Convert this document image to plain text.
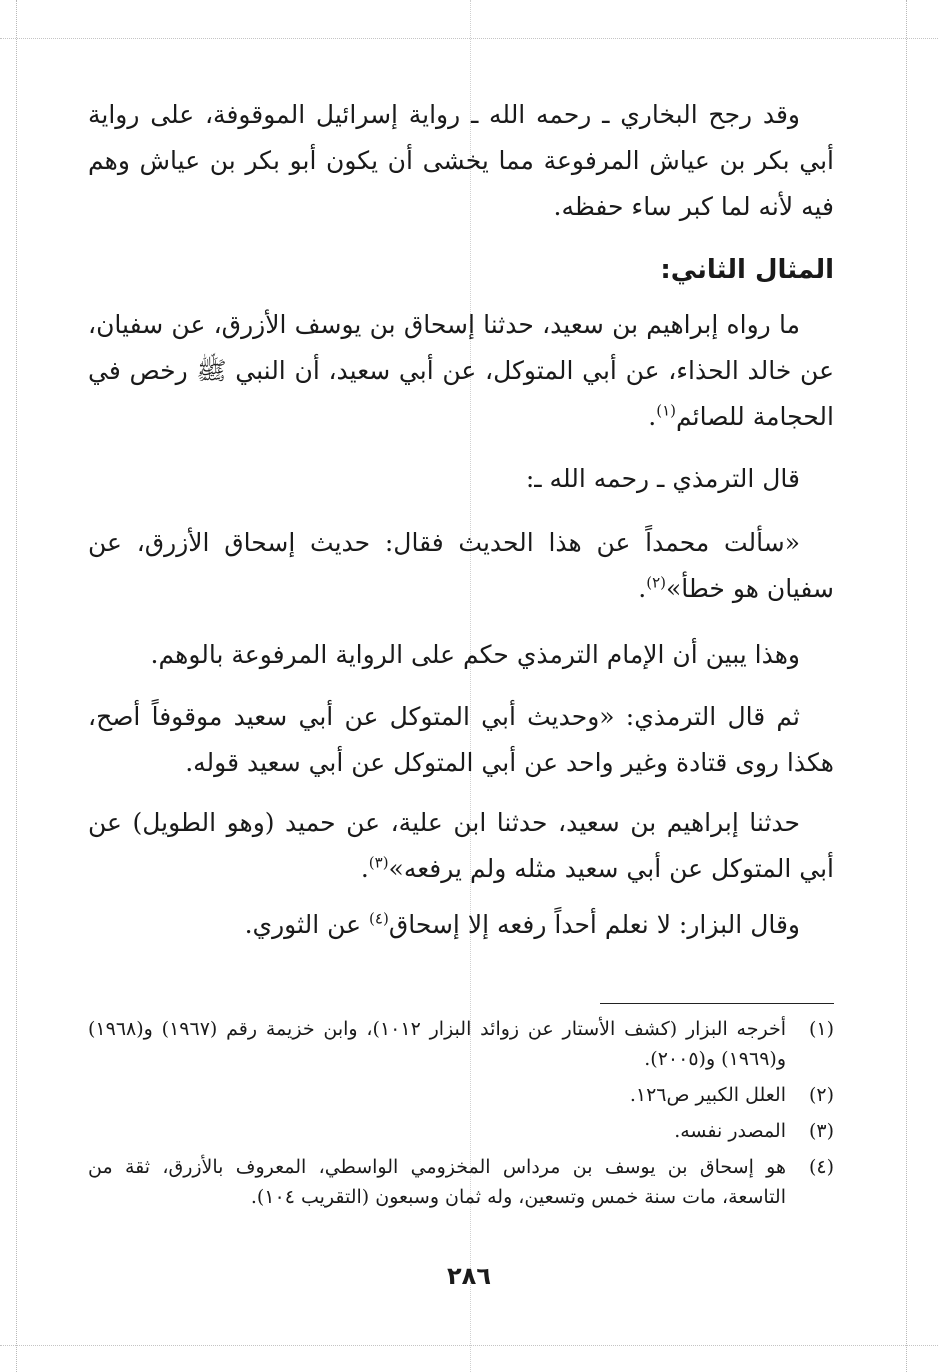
وقد رجح البخاري ـ رحمه الله ـ رواية إسرائيل الموقوفة، على رواية أبي بكر بن عياش المرفوعة مما يخشى أن يكون أبو بكر بن عياش وهم فيه لأنه لما كبر ساء حفظه.

المثال الثاني:

ما رواه إبراهيم بن سعيد، حدثنا إسحاق بن يوسف الأزرق، عن سفيان، عن خالد الحذاء، عن أبي المتوكل، عن أبي سعيد، أن النبي ﷺ رخص في الحجامة للصائم$^{(١)}$.

قال الترمذي ـ رحمه الله ـ:

«سألت محمداً عن هذا الحديث فقال: حديث إسحاق الأزرق، عن سفيان هو خطأ»$^{(٢)}$.

وهذا يبين أن الإمام الترمذي حكم على الرواية المرفوعة بالوهم.

ثم قال الترمذي: «وحديث أبي المتوكل عن أبي سعيد موقوفاً أصح، هكذا روى قتادة وغير واحد عن أبي المتوكل عن أبي سعيد قوله.

حدثنا إبراهيم بن سعيد، حدثنا ابن علية، عن حميد (وهو الطويل) عن أبي المتوكل عن أبي سعيد مثله ولم يرفعه»$^{(٣)}$.

وقال البزار: لا نعلم أحداً رفعه إلا إسحاق$^{(٤)}$ عن الثوري.

(١)
أخرجه البزار (كشف الأستار عن زوائد البزار ١٠١٢)، وابن خزيمة رقم (١٩٦٧) و(١٩٦٨) و(١٩٦٩) و(٢٠٠٥).
(٢)
العلل الكبير ص١٢٦.
(٣)
المصدر نفسه.
(٤)
هو إسحاق بن يوسف بن مرداس المخزومي الواسطي، المعروف بالأزرق، ثقة من التاسعة، مات سنة خمس وتسعين، وله ثمان وسبعون (التقريب ١٠٤).
٢٨٦
